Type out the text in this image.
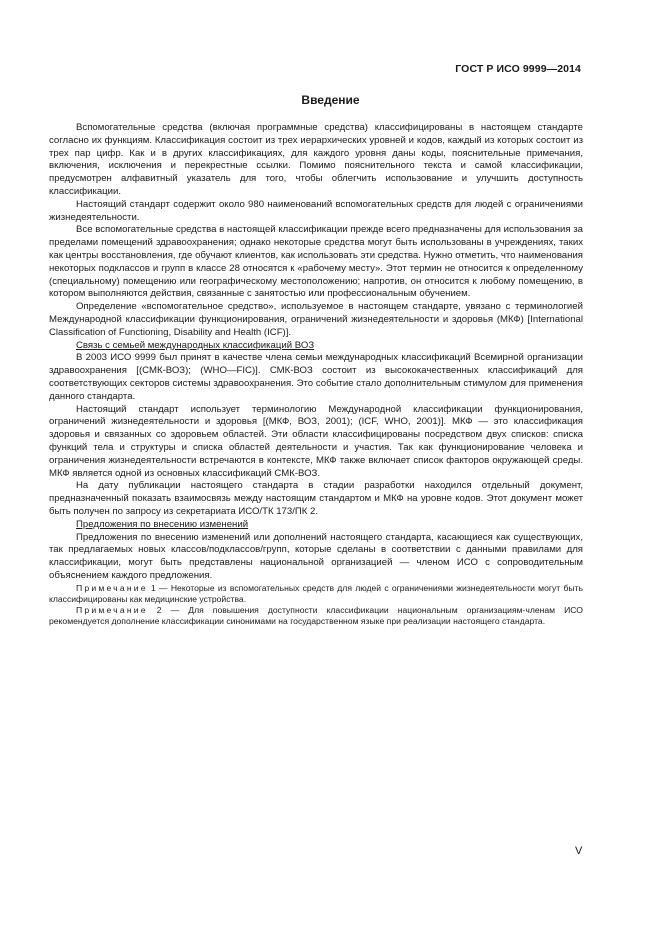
ГОСТ Р ИСО 9999—2014
Введение

Вспомогательные средства (включая программные средства) классифицированы в настоящем стандарте согласно их функциям. Классификация состоит из трех иерархических уровней и кодов, каждый из которых состоит из трех пар цифр. Как и в других классификациях, для каждого уровня даны коды, пояснительные примечания, включения, исключения и перекрестные ссылки. Помимо пояснительного текста и самой классификации, предусмотрен алфавитный указатель для того, чтобы облегчить использование и улучшить доступность классификации.

Настоящий стандарт содержит около 980 наименований вспомогательных средств для людей с ограничениями жизнедеятельности.

Все вспомогательные средства в настоящей классификации прежде всего предназначены для использования за пределами помещений здравоохранения; однако некоторые средства могут быть использованы в учреждениях, таких как центры восстановления, где обучают клиентов, как использовать эти средства. Нужно отметить, что наименования некоторых подклассов и групп в классе 28 относятся к «рабочему месту». Этот термин не относится к определенному (специальному) помещению или географическому местоположению; напротив, он относится к любому помещению, в котором выполняются действия, связанные с занятостью или профессиональным обучением.

Определение «вспомогательное средство», используемое в настоящем стандарте, увязано с терминологией Международной классификации функционирования, ограничений жизнедеятельности и здоровья (МКФ) [International Classification of Functioning, Disability and Health (ICF)].

Связь с семьей международных классификаций ВОЗ

В 2003 ИСО 9999 был принят в качестве члена семьи международных классификаций Всемирной организации здравоохранения [(СМК-ВОЗ); (WHO—FIC)]. СМК-ВОЗ состоит из высококачественных классификаций для соответствующих секторов системы здравоохранения. Это событие стало дополнительным стимулом для применения данного стандарта.

Настоящий стандарт использует терминологию Международной классификации функционирования, ограничений жизнедеятельности и здоровья [(МКФ, ВОЗ, 2001); (ICF, WHO, 2001)]. МКФ — это классификация здоровья и связанных со здоровьем областей. Эти области классифицированы посредством двух списков: списка функций тела и структуры и списка областей деятельности и участия. Так как функционирование человека и ограничения жизнедеятельности встречаются в контексте, МКФ также включает список факторов окружающей среды. МКФ является одной из основных классификаций СМК-ВОЗ.

На дату публикации настоящего стандарта в стадии разработки находился отдельный документ, предназначенный показать взаимосвязь между настоящим стандартом и МКФ на уровне кодов. Этот документ может быть получен по запросу из секретариата ИСО/ТК 173/ПК 2.

Предложения по внесению изменений

Предложения по внесению изменений или дополнений настоящего стандарта, касающиеся как существующих, так предлагаемых новых классов/подклассов/групп, которые сделаны в соответствии с данными правилами для классификации, могут быть представлены национальной организацией — членом ИСО с сопроводительным объяснением каждого предложения.

Примечание 1 — Некоторые из вспомогательных средств для людей с ограничениями жизнедеятельности могут быть классифицированы как медицинские устройства.

Примечание 2 — Для повышения доступности классификации национальным организациям-членам ИСО рекомендуется дополнение классификации синонимами на государственном языке при реализации настоящего стандарта.

V
